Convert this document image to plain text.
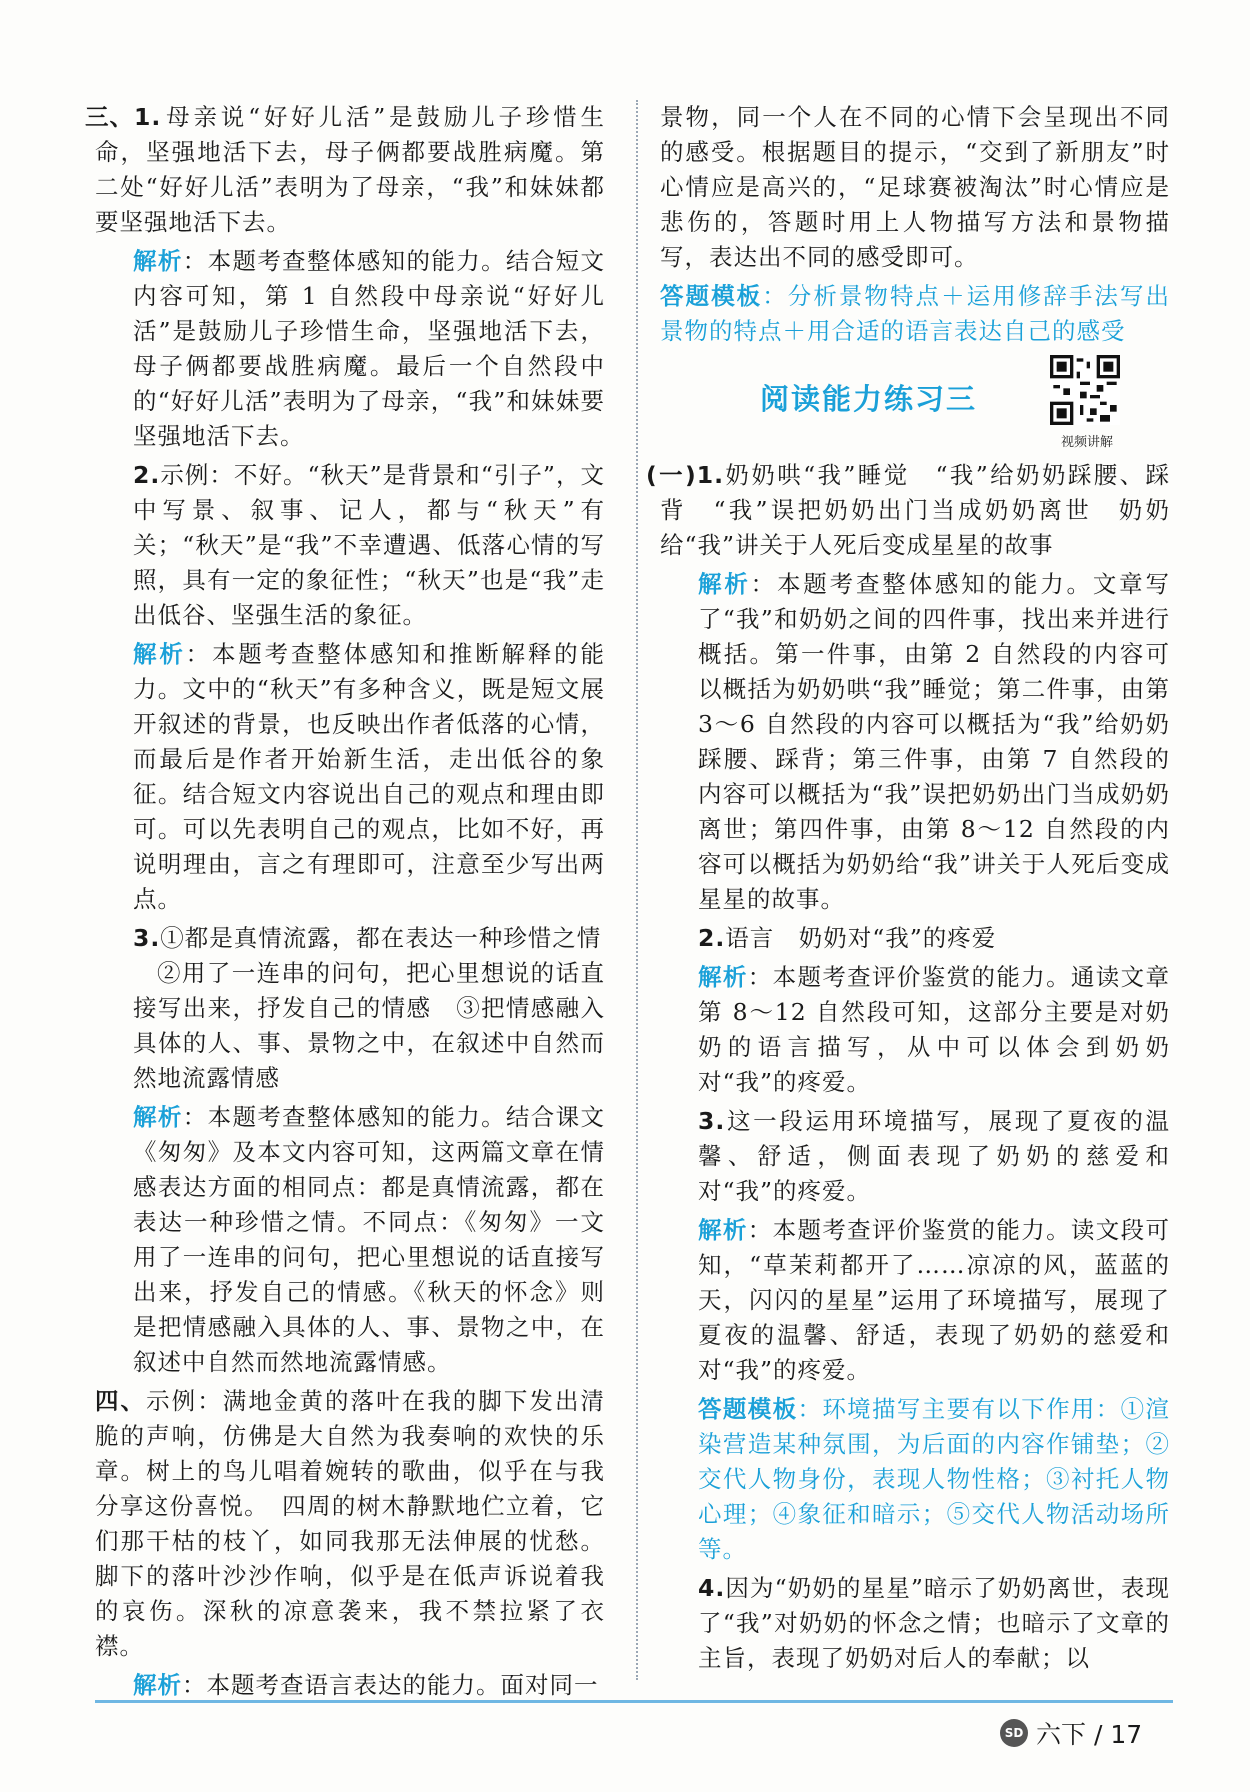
三、1.母亲说“好好儿活”是鼓励儿子珍惜生命，坚强地活下去，母子俩都要战胜病魔。第二处“好好儿活”表明为了母亲，“我”和妹妹都要坚强地活下去。

解析：本题考查整体感知的能力。结合短文内容可知，第 1 自然段中母亲说“好好儿活”是鼓励儿子珍惜生命，坚强地活下去，母子俩都要战胜病魔。最后一个自然段中的“好好儿活”表明为了母亲，“我”和妹妹要坚强地活下去。

2.示例：不好。“秋天”是背景和“引子”，文中写景、叙事、记人，都与“秋天”有关；“秋天”是“我”不幸遭遇、低落心情的写照，具有一定的象征性；“秋天”也是“我”走出低谷、坚强生活的象征。

解析：本题考查整体感知和推断解释的能力。文中的“秋天”有多种含义，既是短文展开叙述的背景，也反映出作者低落的心情，而最后是作者开始新生活，走出低谷的象征。结合短文内容说出自己的观点和理由即可。可以先表明自己的观点，比如不好，再说明理由，言之有理即可，注意至少写出两点。

3.①都是真情流露，都在表达一种珍惜之情

②用了一连串的问句，把心里想说的话直接写出来，抒发自己的情感　③把情感融入具体的人、事、景物之中，在叙述中自然而然地流露情感

解析：本题考查整体感知的能力。结合课文《匆匆》及本文内容可知，这两篇文章在情感表达方面的相同点：都是真情流露，都在表达一种珍惜之情。不同点：《匆匆》一文用了一连串的问句，把心里想说的话直接写出来，抒发自己的情感。《秋天的怀念》则是把情感融入具体的人、事、景物之中，在叙述中自然而然地流露情感。

四、示例：满地金黄的落叶在我的脚下发出清脆的声响，仿佛是大自然为我奏响的欢快的乐章。树上的鸟儿唱着婉转的歌曲，似乎在与我分享这份喜悦。　四周的树木静默地伫立着，它们那干枯的枝丫，如同我那无法伸展的忧愁。脚下的落叶沙沙作响，似乎是在低声诉说着我的哀伤。深秋的凉意袭来，我不禁拉紧了衣襟。

解析：本题考查语言表达的能力。面对同一

景物，同一个人在不同的心情下会呈现出不同的感受。根据题目的提示，“交到了新朋友”时心情应是高兴的，“足球赛被淘汰”时心情应是悲伤的，答题时用上人物描写方法和景物描写，表达出不同的感受即可。

答题模板：分析景物特点＋运用修辞手法写出景物的特点＋用合适的语言表达自己的感受

阅读能力练习三
视频讲解

(一)1.奶奶哄“我”睡觉　“我”给奶奶踩腰、踩背　“我”误把奶奶出门当成奶奶离世　奶奶给“我”讲关于人死后变成星星的故事

解析：本题考查整体感知的能力。文章写了“我”和奶奶之间的四件事，找出来并进行概括。第一件事，由第 2 自然段的内容可以概括为奶奶哄“我”睡觉；第二件事，由第 3～6 自然段的内容可以概括为“我”给奶奶踩腰、踩背；第三件事，由第 7 自然段的内容可以概括为“我”误把奶奶出门当成奶奶离世；第四件事，由第 8～12 自然段的内容可以概括为奶奶给“我”讲关于人死后变成星星的故事。

2.语言　奶奶对“我”的疼爱

解析：本题考查评价鉴赏的能力。通读文章第 8～12 自然段可知，这部分主要是对奶奶的语言描写，从中可以体会到奶奶对“我”的疼爱。

3.这一段运用环境描写，展现了夏夜的温馨、舒适，侧面表现了奶奶的慈爱和对“我”的疼爱。

解析：本题考查评价鉴赏的能力。读文段可知，“草茉莉都开了……凉凉的风，蓝蓝的天，闪闪的星星”运用了环境描写，展现了夏夜的温馨、舒适，表现了奶奶的慈爱和对“我”的疼爱。

答题模板：环境描写主要有以下作用：①渲染营造某种氛围，为后面的内容作铺垫；②交代人物身份，表现人物性格；③衬托人物心理；④象征和暗示；⑤交代人物活动场所等。

4.因为“奶奶的星星”暗示了奶奶离世，表现了“我”对奶奶的怀念之情；也暗示了文章的主旨，表现了奶奶对后人的奉献；以

SD 六下 / 17
